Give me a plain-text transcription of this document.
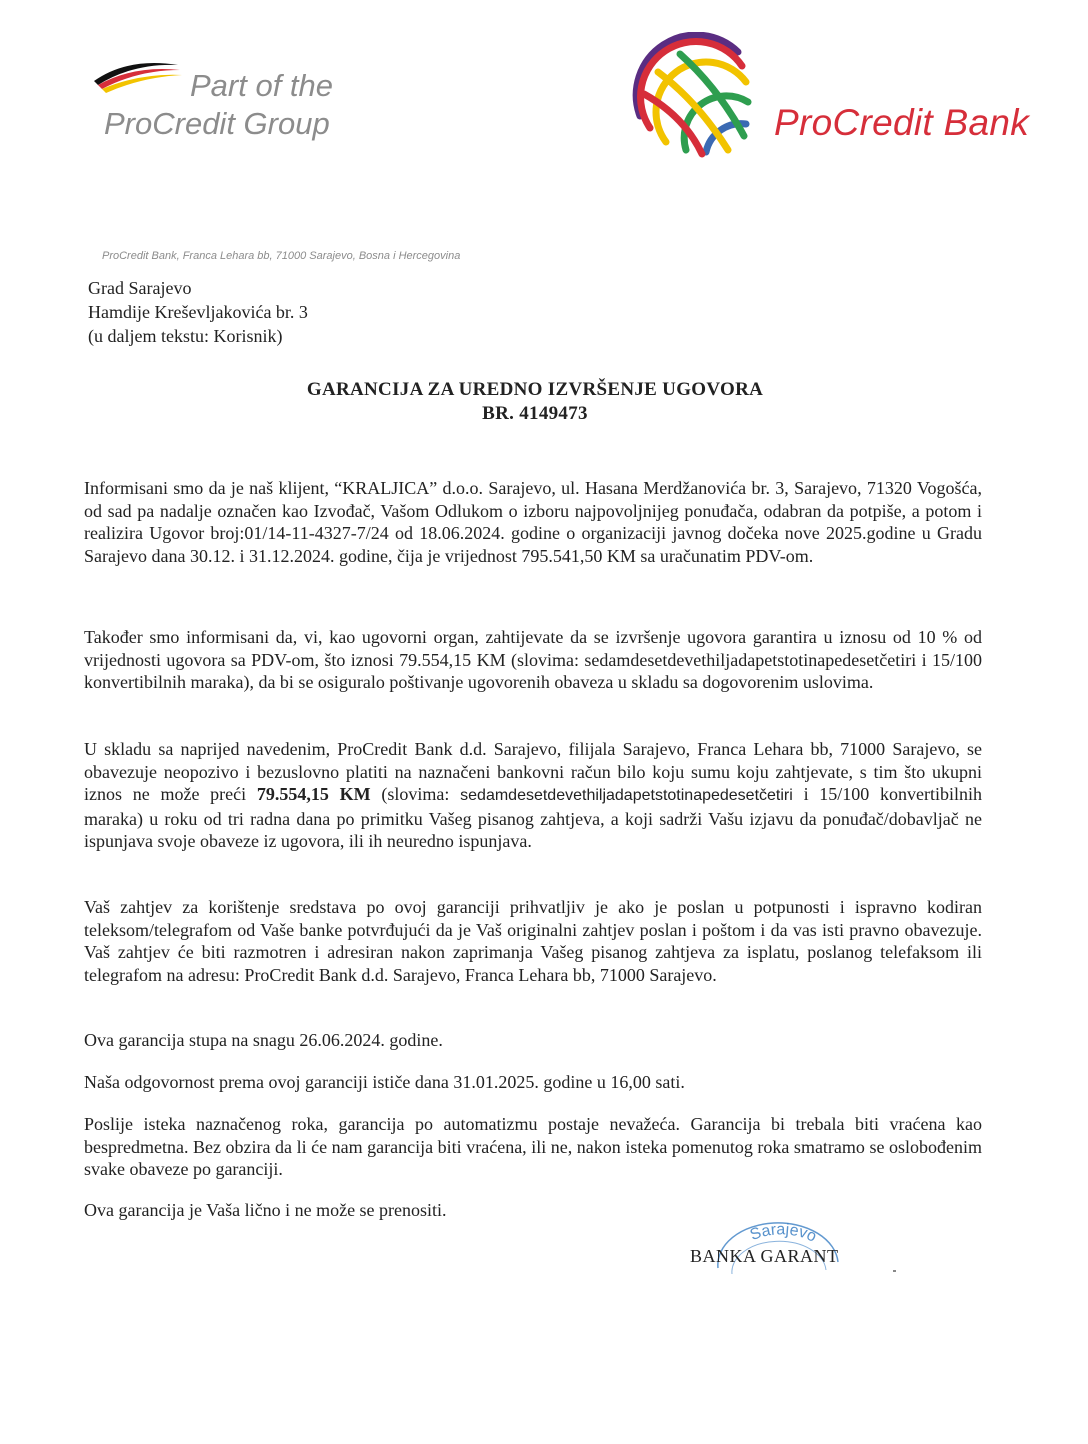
Part of the
ProCredit Group	ProCredit Bank
ProCredit Bank, Franca Lehara bb, 71000 Sarajevo, Bosna i Hercegovina
Grad Sarajevo
Hamdije Kreševljakovića br. 3
(u daljem tekstu: Korisnik)
GARANCIJA ZA UREDNO IZVRŠENJE UGOVORA
BR. 4149473

Informisani smo da je naš klijent, “KRALJICA” d.o.o. Sarajevo, ul. Hasana Merdžanovića br. 3, Sarajevo, 71320 Vogošća, od sad pa nadalje označen kao Izvođač, Vašom Odlukom o izboru najpovoljnijeg ponuđača, odabran da potpiše, a potom i realizira Ugovor broj:01/14-11-4327-7/24 od 18.06.2024. godine o organizaciji javnog dočeka nove 2025.godine u Gradu Sarajevo dana 30.12. i 31.12.2024. godine, čija je vrijednost 795.541,50 KM sa uračunatim PDV-om.

Također smo informisani da, vi, kao ugovorni organ, zahtijevate da se izvršenje ugovora garantira u iznosu od 10 % od vrijednosti ugovora sa PDV-om, što iznosi 79.554,15 KM (slovima: sedamdesetdevethiljadapetstotinapedesetčetiri i 15/100 konvertibilnih maraka), da bi se osiguralo poštivanje ugovorenih obaveza u skladu sa dogovorenim uslovima.

U skladu sa naprijed navedenim, ProCredit Bank d.d. Sarajevo, filijala Sarajevo, Franca Lehara bb, 71000 Sarajevo, se obavezuje neopozivo i bezuslovno platiti na naznačeni bankovni račun bilo koju sumu koju zahtjevate, s tim što ukupni iznos ne može preći 79.554,15 KM (slovima: sedamdesetdevethiljadapetstotinapedesetčetiri i 15/100 konvertibilnih maraka) u roku od tri radna dana po primitku Vašeg pisanog zahtjeva, a koji sadrži Vašu izjavu da ponuđač/dobavljač ne ispunjava svoje obaveze iz ugovora, ili ih neuredno ispunjava.

Vaš zahtjev za korištenje sredstava po ovoj garanciji prihvatljiv je ako je poslan u potpunosti i ispravno kodiran teleksom/telegrafom od Vaše banke potvrđujući da je Vaš originalni zahtjev poslan i poštom i da vas isti pravno obavezuje. Vaš zahtjev će biti razmotren i adresiran nakon zaprimanja Vašeg pisanog zahtjeva za isplatu, poslanog telefaksom ili telegrafom na adresu: ProCredit Bank d.d. Sarajevo, Franca Lehara bb, 71000 Sarajevo.

Ova garancija stupa na snagu 26.06.2024. godine.

Naša odgovornost prema ovoj garanciji ističe dana 31.01.2025. godine u 16,00 sati.

Poslije isteka naznačenog roka, garancija po automatizmu postaje nevažeća. Garancija bi trebala biti vraćena kao bespredmetna. Bez obzira da li će nam garancija biti vraćena, ili ne, nakon isteka pomenutog roka smatramo se oslobođenim svake obaveze po garanciji.

Ova garancija je Vaša lično i ne može se prenositi.

Sarajevo
BANKA GARANT
